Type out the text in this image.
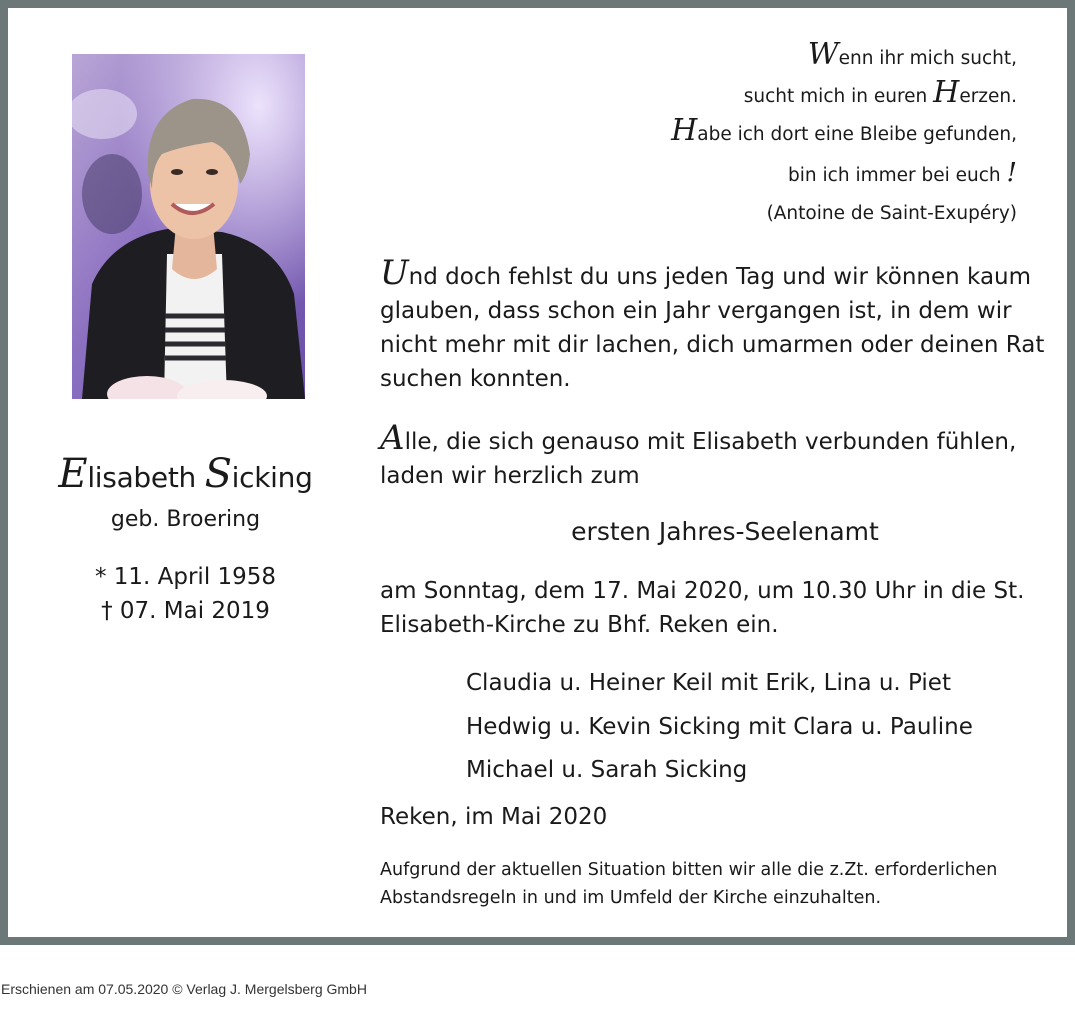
Wenn ihr mich sucht,
sucht mich in euren Herzen.
Habe ich dort eine Bleibe gefunden,
bin ich immer bei euch !
(Antoine de Saint-Exupéry)
Elisabeth Sicking
geb. Broering
* 11. April 1958
† 07. Mai 2019
Und doch fehlst du uns jeden Tag und wir können kaum glauben, dass schon ein Jahr vergangen ist, in dem wir nicht mehr mit dir lachen, dich umarmen oder deinen Rat suchen konnten.
Alle, die sich genauso mit Elisabeth verbunden fühlen, laden wir herzlich zum
ersten Jahres-Seelenamt
am Sonntag, dem 17. Mai 2020, um 10.30 Uhr in die St. Elisabeth-Kirche zu Bhf. Reken ein.
Claudia u. Heiner Keil mit Erik, Lina u. Piet
Hedwig u. Kevin Sicking mit Clara u. Pauline
Michael u. Sarah Sicking
Reken, im Mai 2020
Aufgrund der aktuellen Situation bitten wir alle die z.Zt. erforderlichen Abstandsregeln in und im Umfeld der Kirche einzuhalten.
Erschienen am 07.05.2020 © Verlag J. Mergelsberg GmbH
